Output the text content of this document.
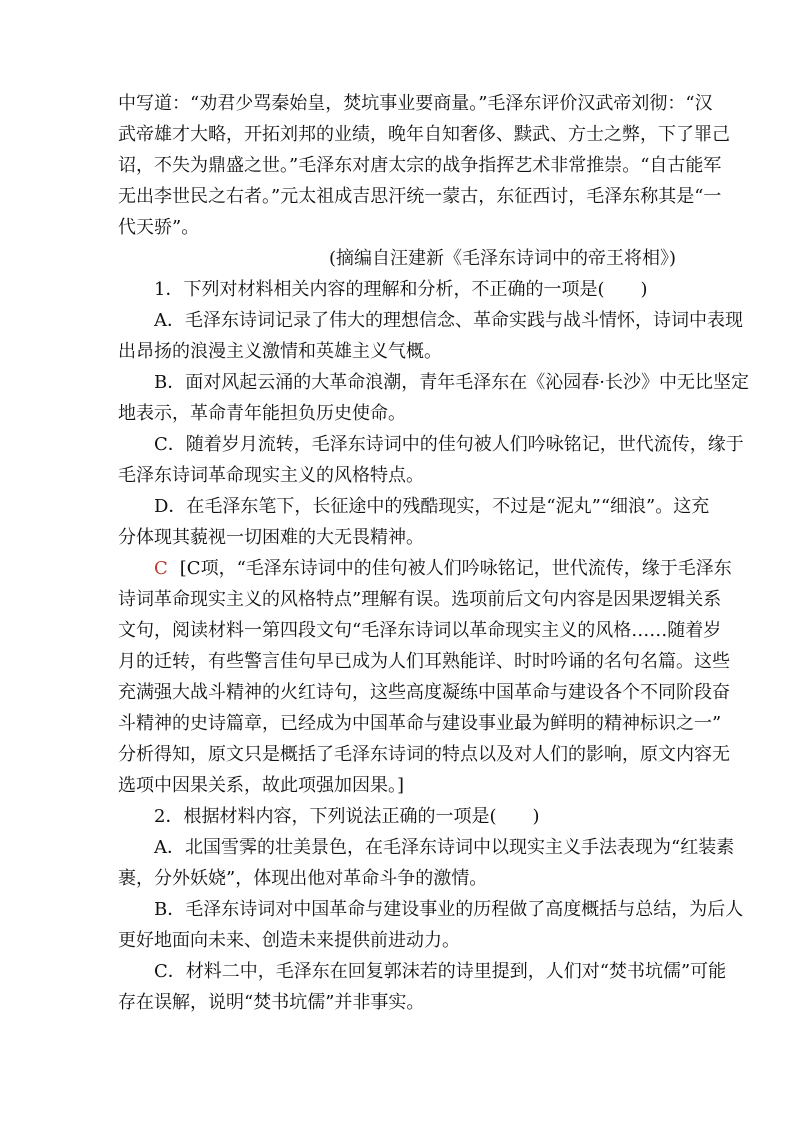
中写道：“劝君少骂秦始皇，焚坑事业要商量。”毛泽东评价汉武帝刘彻：“汉
武帝雄才大略，开拓刘邦的业绩，晚年自知奢侈、黩武、方士之弊，下了罪己
诏，不失为鼎盛之世。”毛泽东对唐太宗的战争指挥艺术非常推崇。“自古能军
无出李世民之右者。”元太祖成吉思汗统一蒙古，东征西讨，毛泽东称其是“一
代天骄”。
(摘编自汪建新《毛泽东诗词中的帝王将相》)
1．下列对材料相关内容的理解和分析，不正确的一项是(　　)
A．毛泽东诗词记录了伟大的理想信念、革命实践与战斗情怀，诗词中表现
出昂扬的浪漫主义激情和英雄主义气概。
B．面对风起云涌的大革命浪潮，青年毛泽东在《沁园春·长沙》中无比坚定
地表示，革命青年能担负历史使命。
C．随着岁月流转，毛泽东诗词中的佳句被人们吟咏铭记，世代流传，缘于
毛泽东诗词革命现实主义的风格特点。
D．在毛泽东笔下，长征途中的残酷现实，不过是“泥丸”“细浪”。这充
分体现其藐视一切困难的大无畏精神。
C [C项，“毛泽东诗词中的佳句被人们吟咏铭记，世代流传，缘于毛泽东
诗词革命现实主义的风格特点”理解有误。选项前后文句内容是因果逻辑关系
文句，阅读材料一第四段文句“毛泽东诗词以革命现实主义的风格……随着岁
月的迁转，有些警言佳句早已成为人们耳熟能详、时时吟诵的名句名篇。这些
充满强大战斗精神的火红诗句，这些高度凝练中国革命与建设各个不同阶段奋
斗精神的史诗篇章，已经成为中国革命与建设事业最为鲜明的精神标识之一”
分析得知，原文只是概括了毛泽东诗词的特点以及对人们的影响，原文内容无
选项中因果关系，故此项强加因果。]
2．根据材料内容，下列说法正确的一项是(　　)
A．北国雪霁的壮美景色，在毛泽东诗词中以现实主义手法表现为“红装素
裹，分外妖娆”，体现出他对革命斗争的激情。
B．毛泽东诗词对中国革命与建设事业的历程做了高度概括与总结，为后人
更好地面向未来、创造未来提供前进动力。
C．材料二中，毛泽东在回复郭沫若的诗里提到，人们对“焚书坑儒”可能
存在误解，说明“焚书坑儒”并非事实。
